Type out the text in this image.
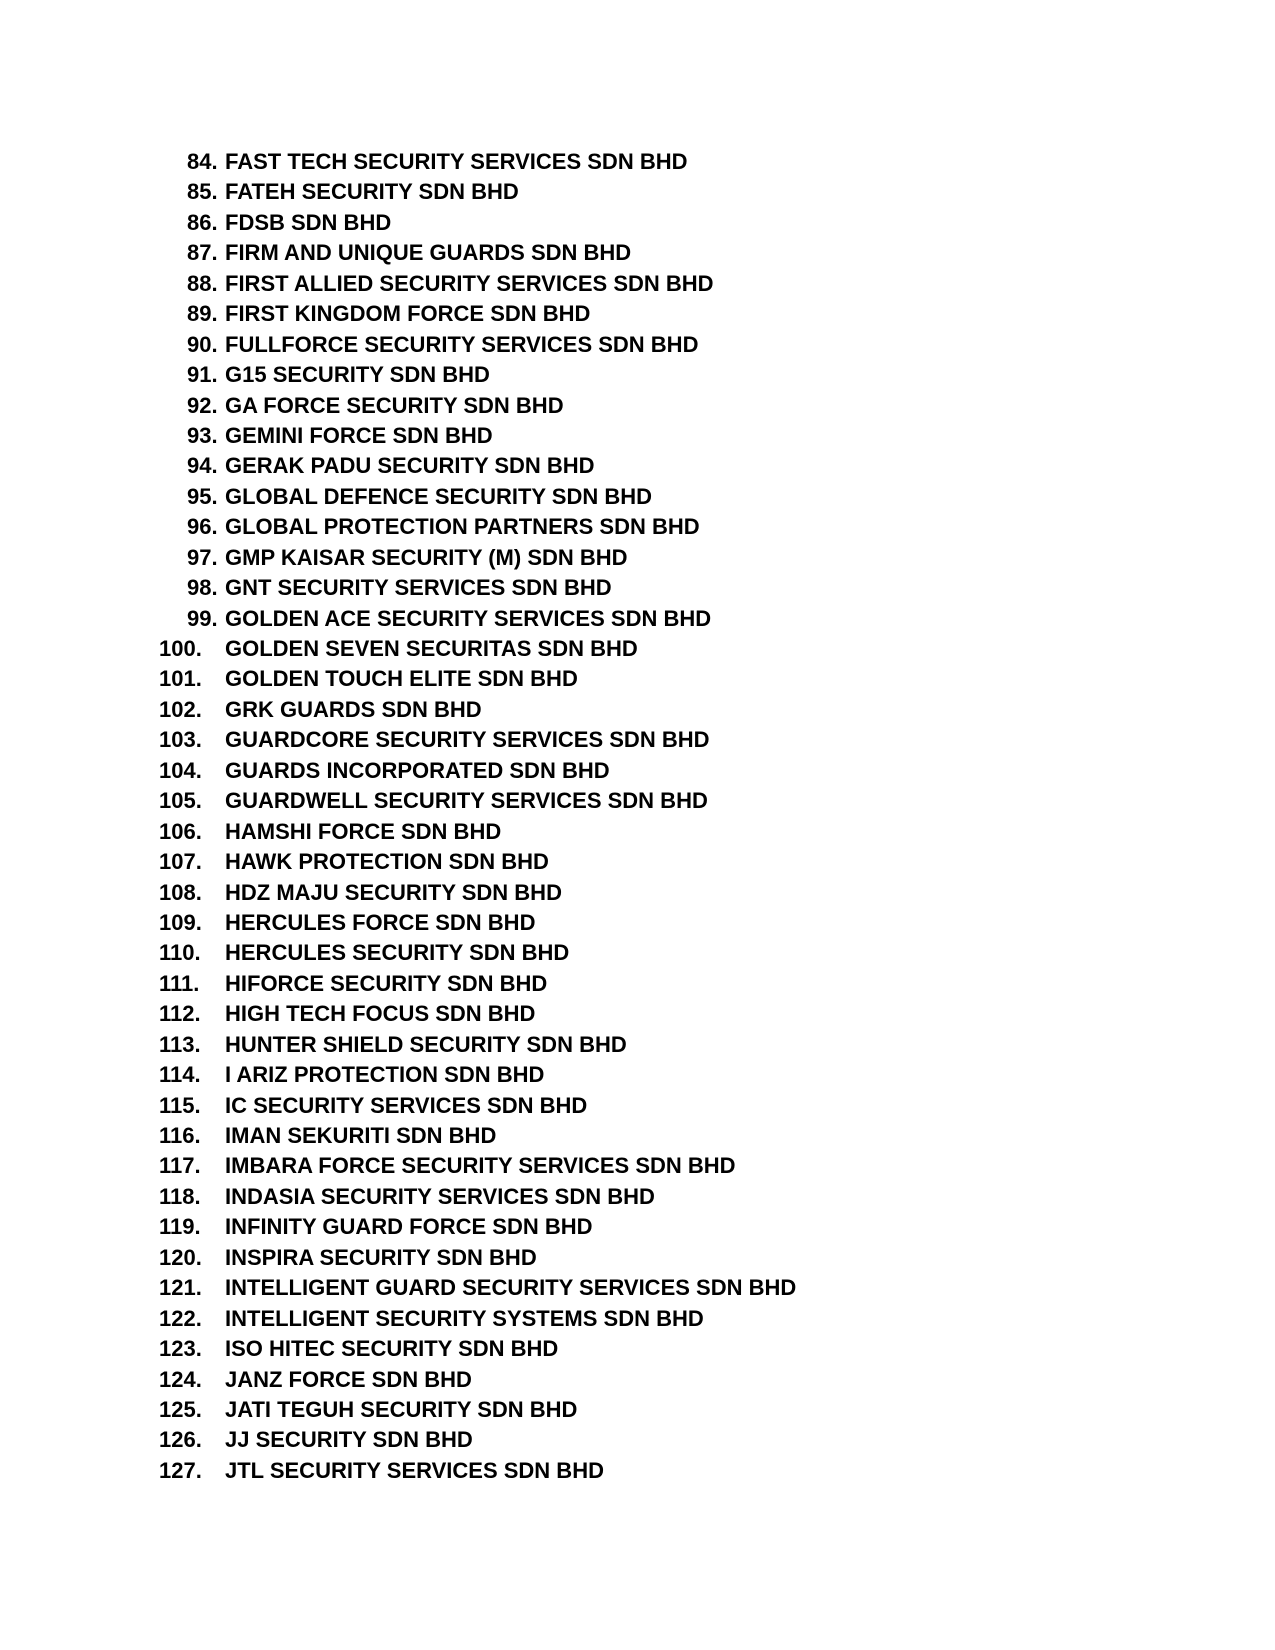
84. FAST TECH SECURITY SERVICES SDN BHD
85. FATEH SECURITY SDN BHD
86. FDSB SDN BHD
87. FIRM AND UNIQUE GUARDS SDN BHD
88. FIRST ALLIED SECURITY SERVICES SDN BHD
89. FIRST KINGDOM FORCE SDN BHD
90. FULLFORCE SECURITY SERVICES SDN BHD
91. G15 SECURITY SDN BHD
92. GA FORCE SECURITY SDN BHD
93. GEMINI FORCE SDN BHD
94. GERAK PADU SECURITY SDN BHD
95. GLOBAL DEFENCE SECURITY SDN BHD
96. GLOBAL PROTECTION PARTNERS SDN BHD
97. GMP KAISAR SECURITY (M) SDN BHD
98. GNT SECURITY SERVICES SDN BHD
99. GOLDEN ACE SECURITY SERVICES SDN BHD
100. GOLDEN SEVEN SECURITAS SDN BHD
101. GOLDEN TOUCH ELITE SDN BHD
102. GRK GUARDS SDN BHD
103. GUARDCORE SECURITY SERVICES SDN BHD
104. GUARDS INCORPORATED SDN BHD
105. GUARDWELL SECURITY SERVICES SDN BHD
106. HAMSHI FORCE SDN BHD
107. HAWK PROTECTION SDN BHD
108. HDZ MAJU SECURITY SDN BHD
109. HERCULES FORCE SDN BHD
110. HERCULES SECURITY SDN BHD
111. HIFORCE SECURITY SDN BHD
112. HIGH TECH FOCUS SDN BHD
113. HUNTER SHIELD SECURITY SDN BHD
114. I ARIZ PROTECTION SDN BHD
115. IC SECURITY SERVICES SDN BHD
116. IMAN SEKURITI SDN BHD
117. IMBARA FORCE SECURITY SERVICES SDN BHD
118. INDASIA SECURITY SERVICES SDN BHD
119. INFINITY GUARD FORCE SDN BHD
120. INSPIRA SECURITY SDN BHD
121. INTELLIGENT GUARD SECURITY SERVICES SDN BHD
122. INTELLIGENT SECURITY SYSTEMS SDN BHD
123. ISO HITEC SECURITY SDN BHD
124. JANZ FORCE SDN BHD
125. JATI TEGUH SECURITY SDN BHD
126. JJ SECURITY SDN BHD
127. JTL SECURITY SERVICES SDN BHD
